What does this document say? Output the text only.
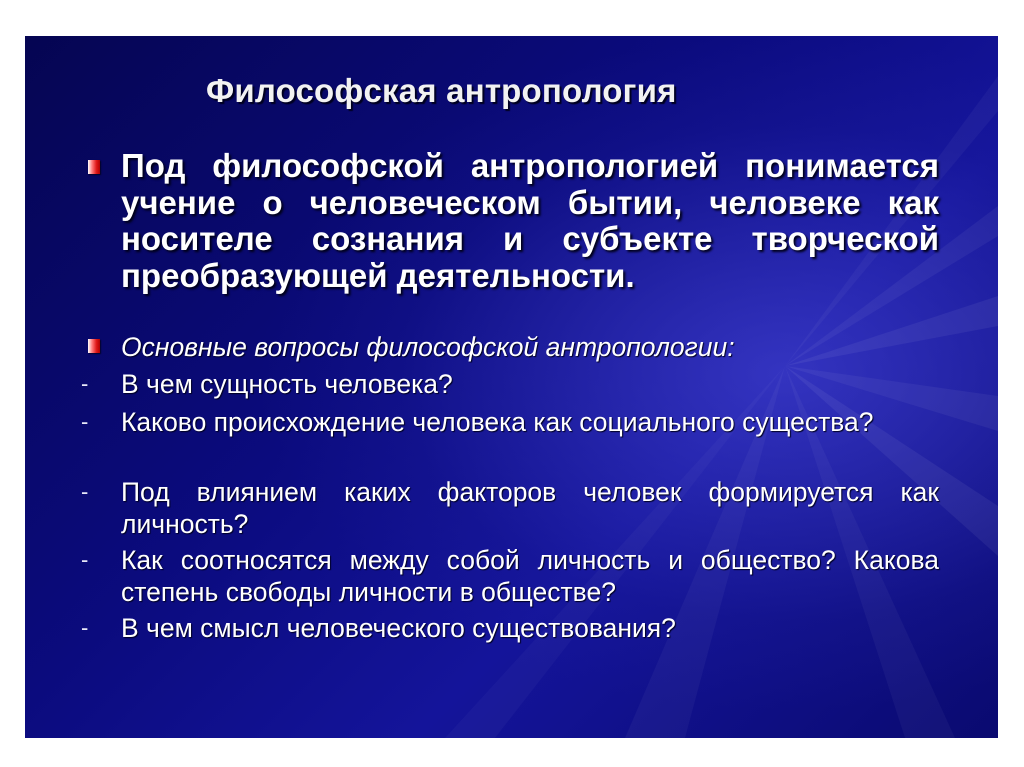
Философская антропология
Под философской антропологией понимается учение о человеческом бытии, человеке как носителе сознания и субъекте творческой преобразующей деятельности.
Основные вопросы философской антропологии:
- В чем сущность человека?
- Каково происхождение человека как социального существа?
- Под влиянием каких факторов человек формируется как личность?
- Как соотносятся между собой личность и общество? Какова степень свободы личности в обществе?
- В чем смысл человеческого существования?
